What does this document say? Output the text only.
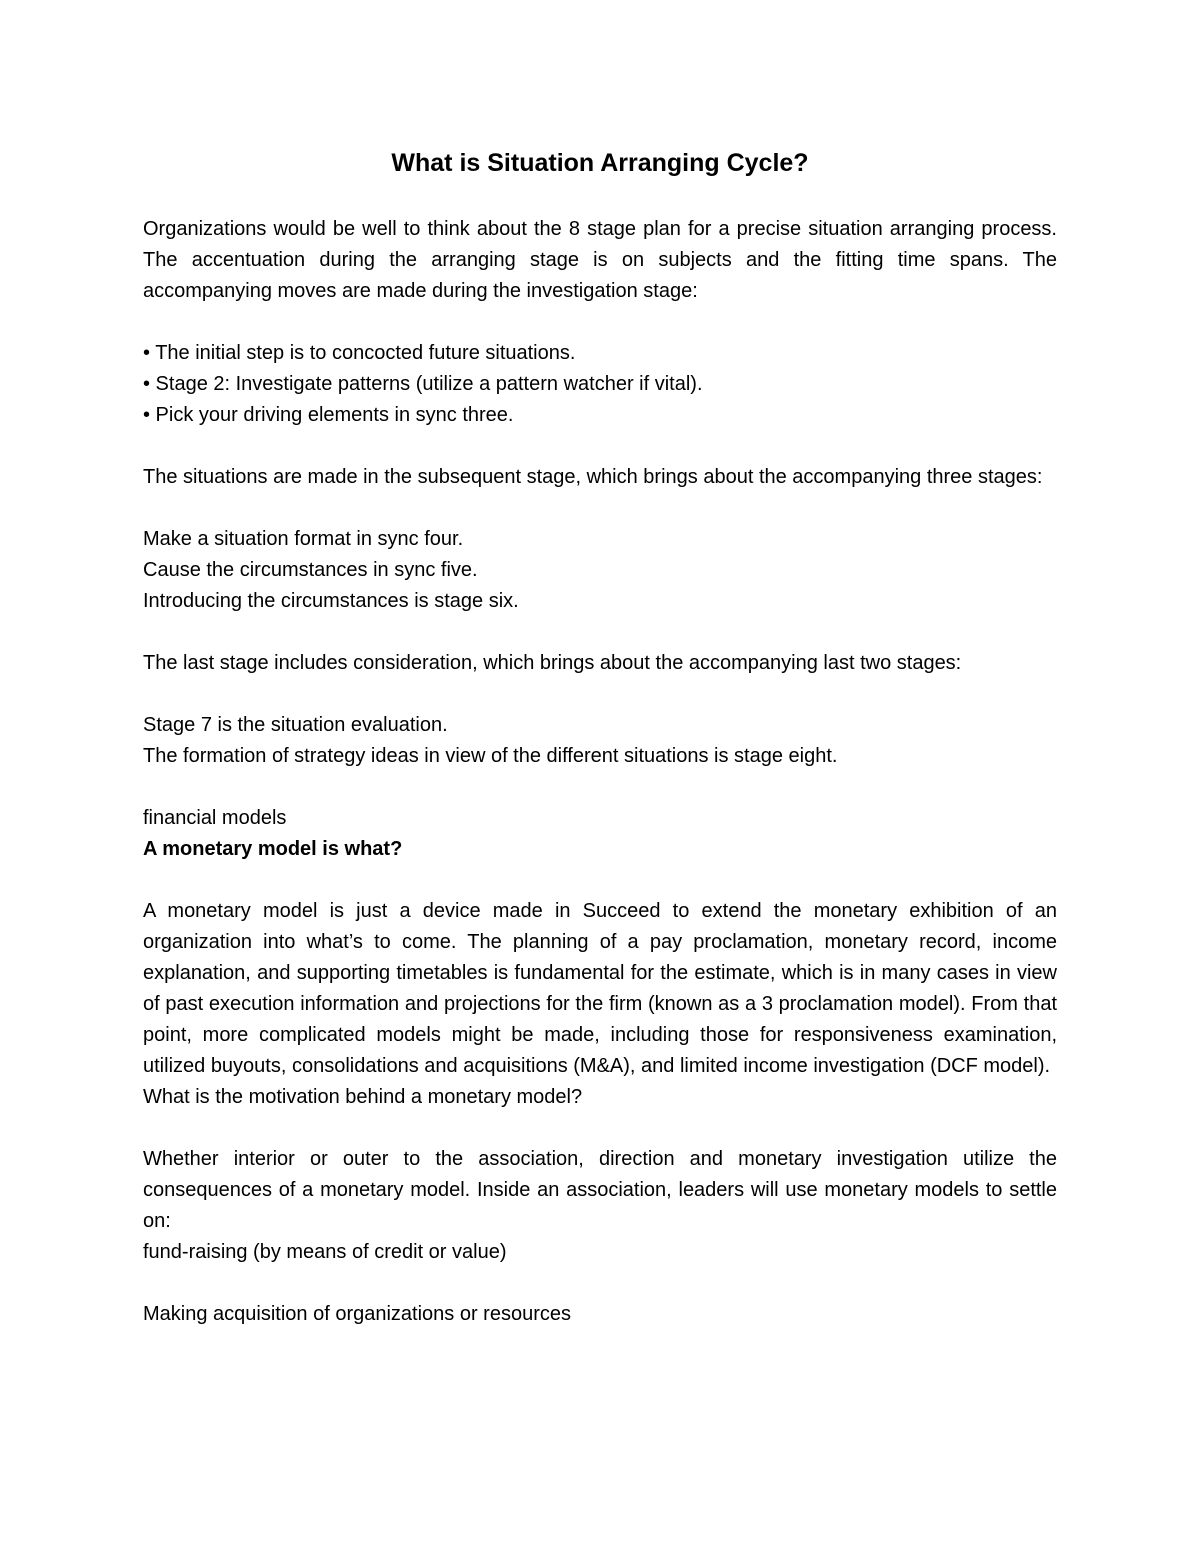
What is Situation Arranging Cycle?

Organizations would be well to think about the 8 stage plan for a precise situation arranging process. The accentuation during the arranging stage is on subjects and the fitting time spans. The accompanying moves are made during the investigation stage:

• The initial step is to concocted future situations.

• Stage 2: Investigate patterns (utilize a pattern watcher if vital).

• Pick your driving elements in sync three.

The situations are made in the subsequent stage, which brings about the accompanying three stages:

Make a situation format in sync four.

Cause the circumstances in sync five.

Introducing the circumstances is stage six.

The last stage includes consideration, which brings about the accompanying last two stages:

Stage 7 is the situation evaluation.

The formation of strategy ideas in view of the different situations is stage eight.

financial models

A monetary model is what?

A monetary model is just a device made in Succeed to extend the monetary exhibition of an organization into what’s to come. The planning of a pay proclamation, monetary record, income explanation, and supporting timetables is fundamental for the estimate, which is in many cases in view of past execution information and projections for the firm (known as a 3 proclamation model). From that point, more complicated models might be made, including those for responsiveness examination, utilized buyouts, consolidations and acquisitions (M&A), and limited income investigation (DCF model).

What is the motivation behind a monetary model?

Whether interior or outer to the association, direction and monetary investigation utilize the consequences of a monetary model. Inside an association, leaders will use monetary models to settle on:

fund-raising (by means of credit or value)

Making acquisition of organizations or resources
